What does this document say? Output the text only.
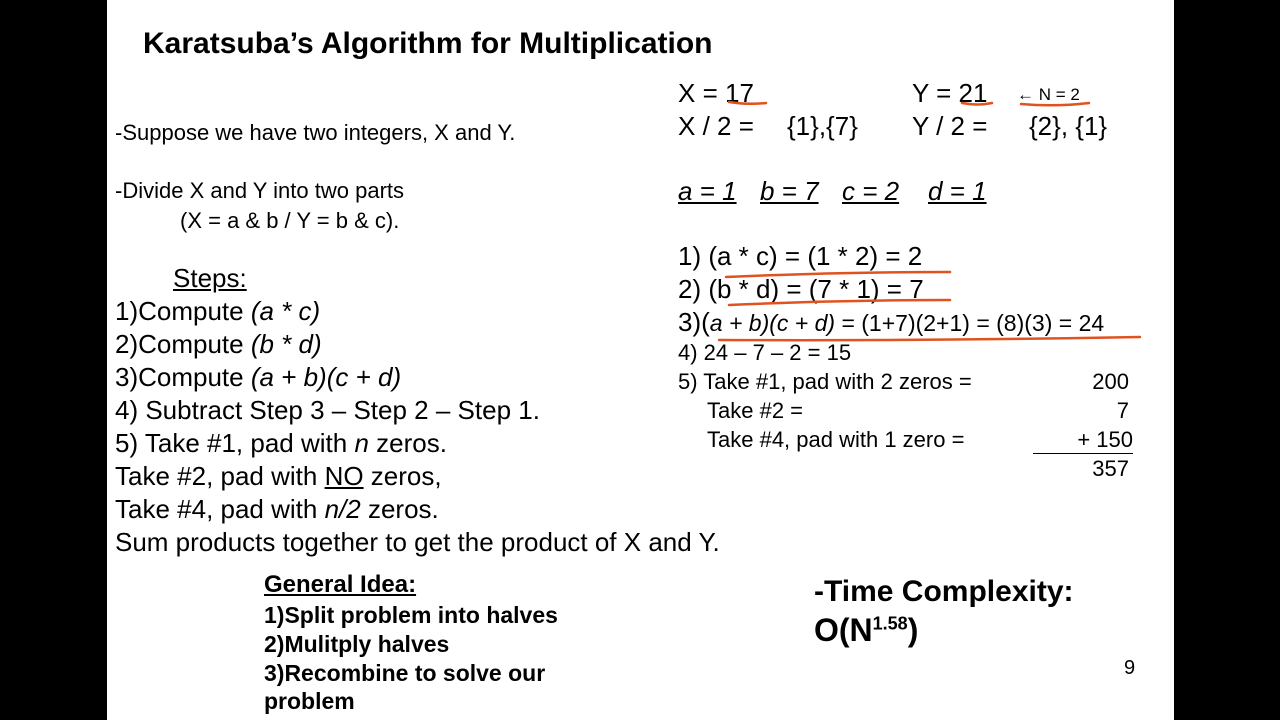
Karatsuba’s Algorithm for Multiplication
-Suppose we have two integers, X and Y.
-Divide X and Y into two parts
(X = a & b / Y = b & c).
Steps:
1)Compute (a * c)
2)Compute (b * d)
3)Compute (a + b)(c + d)
4) Subtract Step 3 – Step 2 – Step 1.
5) Take #1, pad with n zeros.
Take #2, pad with NO zeros,
Take #4, pad with n/2 zeros.
Sum products together to get the product of X and Y.
General Idea:
1)Split problem into halves
2)Mulitply halves
3)Recombine to solve our
problem
-Time Complexity:
$O(N^{1.58})$
9
X = 17	Y = 21 ← N = 2
X / 2 = {1},{7} Y / 2 = {2}, {1}
a = 1 b = 7 c = 2 d = 1
1) (a * c) = (1 * 2) = 2
2) (b * d) = (7 * 1) = 7
3)(a + b)(c + d) = (1+7)(2+1) = (8)(3) = 24
4) 24 – 7 – 2 = 15
5) Take #1, pad with 2 zeros =	200
Take #2 =	7
Take #4, pad with 1 zero =	+ 150
357
